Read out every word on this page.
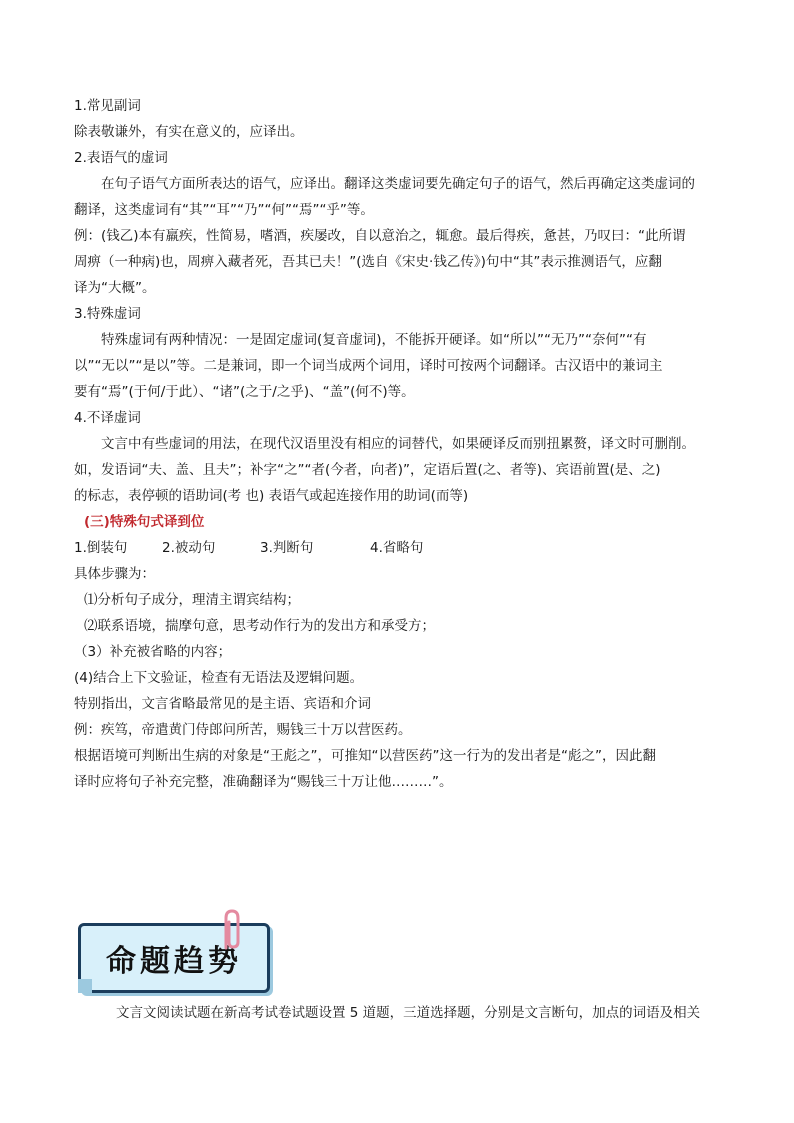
1.常见副词
除表敬谦外，有实在意义的，应译出。
2.表语气的虚词
在句子语气方面所表达的语气，应译出。翻译这类虚词要先确定句子的语气，然后再确定这类虚词的
翻译，这类虚词有“其”“耳”“乃”“何”“焉”“乎”等。
例：(钱乙)本有羸疾，性简易，嗜酒，疾屡改，自以意治之，辄愈。最后得疾，惫甚，乃叹曰：“此所谓
周痹（一种病)也，周痹入藏者死，吾其已夫！”(选自《宋史·钱乙传》)句中“其”表示推测语气，应翻
译为“大概”。
3.特殊虚词
特殊虚词有两种情况：一是固定虚词(复音虚词)，不能拆开硬译。如“所以”“无乃”“奈何”“有
以”“无以”“是以”等。二是兼词，即一个词当成两个词用，译时可按两个词翻译。古汉语中的兼词主
要有“焉”(于何/于此）、“诸”(之于/之乎)、“盖”(何不)等。
4.不译虚词
文言中有些虚词的用法，在现代汉语里没有相应的词替代，如果硬译反而别扭累赘，译文时可删削。
如，发语词“夫、盖、且夫”；补字“之”“者(今者，向者)”，定语后置(之、者等)、宾语前置(是、之)
的标志，表停顿的语助词(考 也) 表语气或起连接作用的助词(而等)
(三)特殊句式译到位
1.倒装句	2.被动句	3.判断句	4.省略句
具体步骤为：
⑴分析句子成分，理清主谓宾结构；
⑵联系语境，揣摩句意，思考动作行为的发出方和承受方；
（3）补充被省略的内容；
(4)结合上下文验证，检查有无语法及逻辑问题。
特别指出，文言省略最常见的是主语、宾语和介词
例：疾笃，帝遣黄门侍郎问所苦，赐钱三十万以营医药。
根据语境可判断出生病的对象是“王彪之”，可推知“以营医药”这一行为的发出者是“彪之”，因此翻
译时应将句子补充完整，准确翻译为“赐钱三十万让他………”。
命题趋势
文言文阅读试题在新高考试卷试题设置 5 道题，三道选择题，分别是文言断句，加点的词语及相关
